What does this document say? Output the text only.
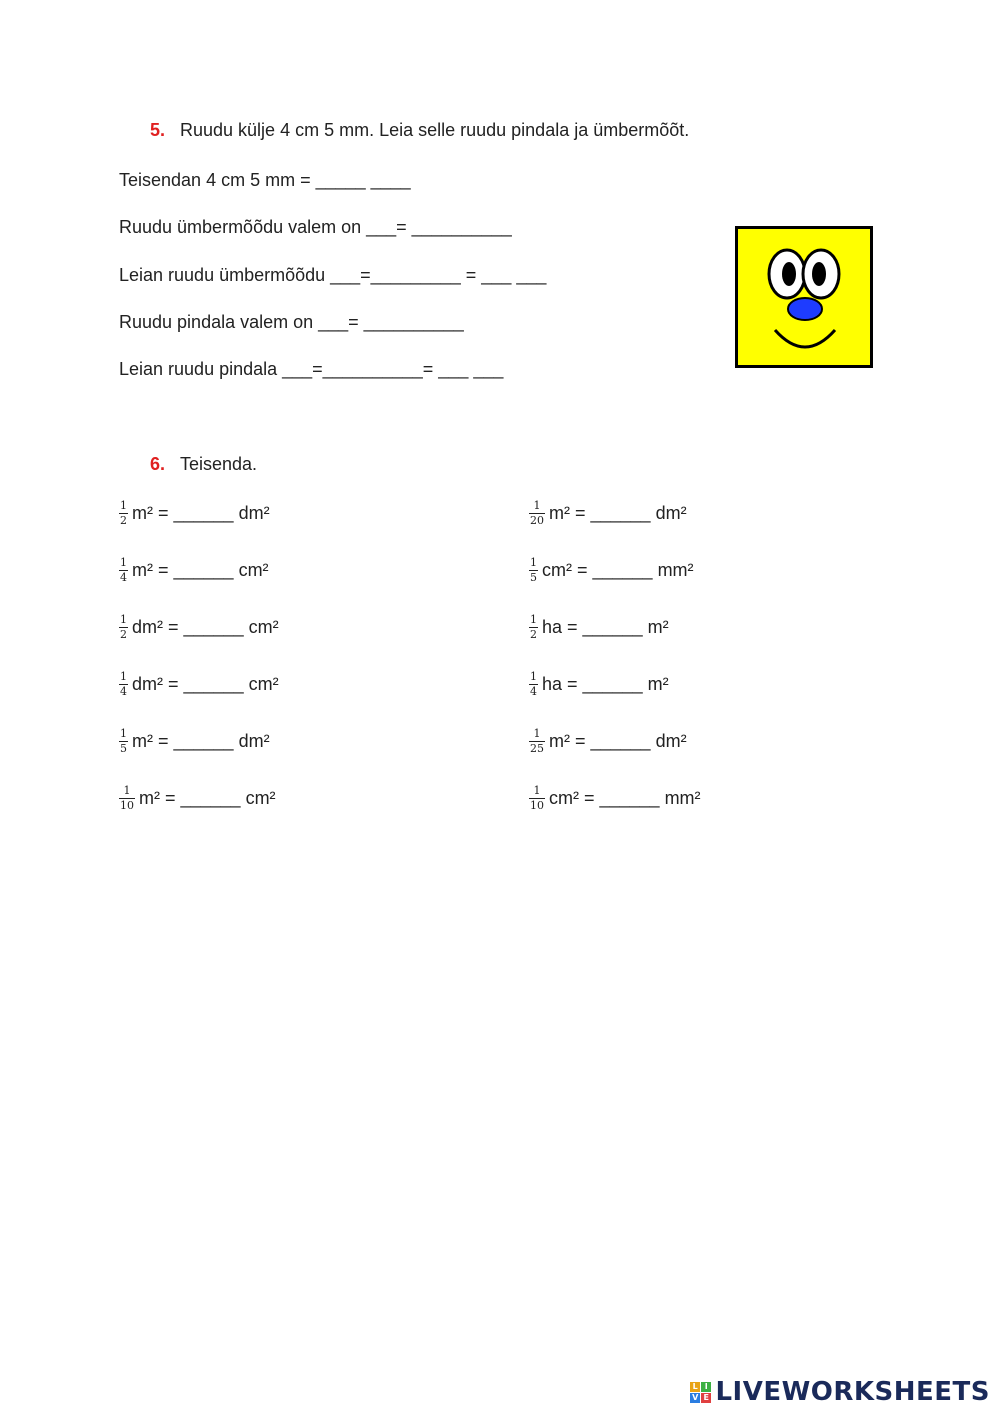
5. Ruudu külje 4 cm 5 mm. Leia selle ruudu pindala ja ümbermõõt.
Teisendan 4 cm 5 mm = _____ ____
Ruudu ümbermõõdu valem on ___= __________
Leian ruudu ümbermõõdu ___=_________ = ___ ___
Ruudu pindala valem on ___= __________
Leian ruudu pindala ___=__________= ___ ___
6. Teisenda.
$\frac{1}{2} m^2$ = ______ dm²
$\frac{1}{4} m^2$ = ______ cm²
$\frac{1}{2} dm^2$ = ______ cm²
$\frac{1}{4} dm^2$ = ______ cm²
$\frac{1}{5} m^2$ = ______ dm²
$\frac{1}{10} m^2$ = ______ cm²
$\frac{1}{20} m^2$ = ______ dm²
$\frac{1}{5} cm^2$ = ______ mm²
$\frac{1}{2}$ ha = ______ m²
$\frac{1}{4}$ ha = ______ m²
$\frac{1}{25} m^2$ = ______ dm²
$\frac{1}{10} cm^2$ = ______ mm²
L I
V E LIVEWORKSHEETS
